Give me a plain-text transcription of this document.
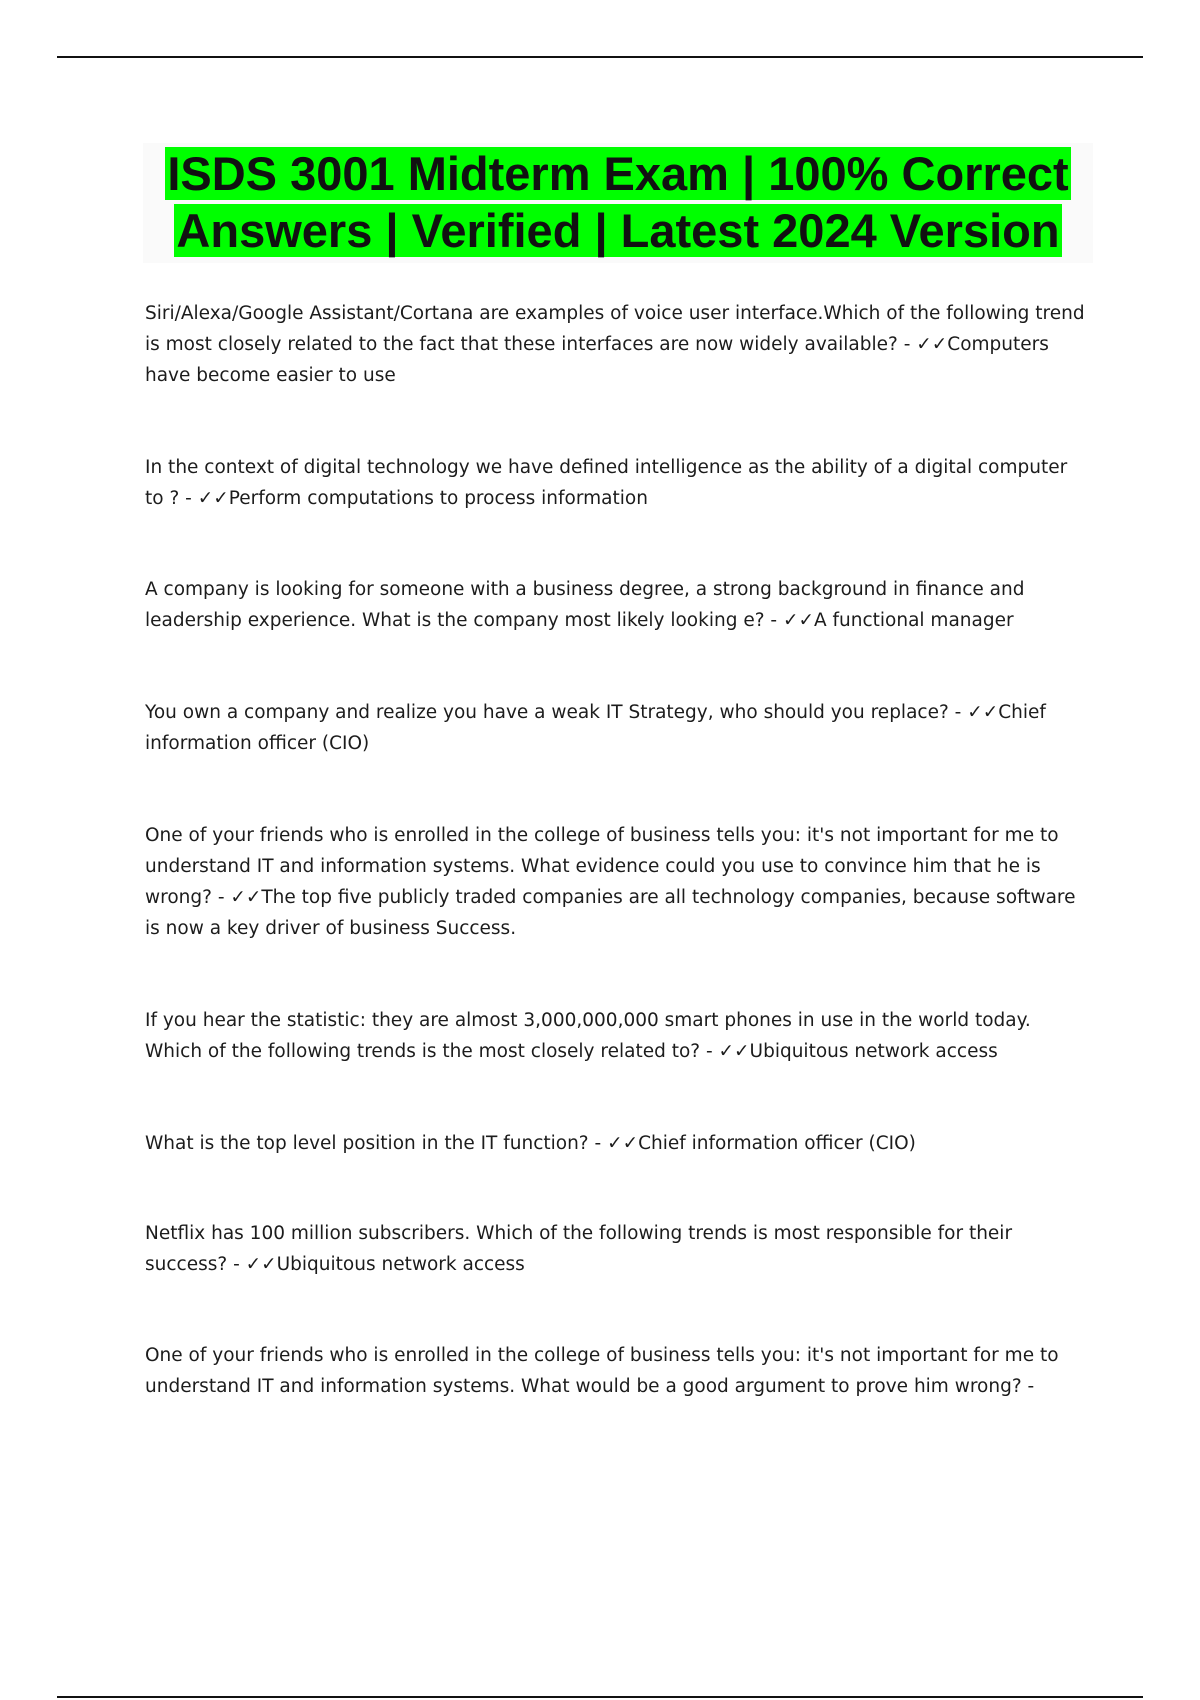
ISDS 3001 Midterm Exam | 100% Correct
Answers | Verified | Latest 2024 Version

Siri/Alexa/Google Assistant/Cortana are examples of voice user interface.Which of the following trend is most closely related to the fact that these interfaces are now widely available? - ✓✓Computers have become easier to use

In the context of digital technology we have defined intelligence as the ability of a digital computer to ? - ✓✓Perform computations to process information

A company is looking for someone with a business degree, a strong background in finance and leadership experience. What is the company most likely looking e? - ✓✓A functional manager

You own a company and realize you have a weak IT Strategy, who should you replace? - ✓✓Chief information officer (CIO)

One of your friends who is enrolled in the college of business tells you: it's not important for me to understand IT and information systems. What evidence could you use to convince him that he is wrong? - ✓✓The top five publicly traded companies are all technology companies, because software is now a key driver of business Success.

If you hear the statistic: they are almost 3,000,000,000 smart phones in use in the world today. Which of the following trends is the most closely related to? - ✓✓Ubiquitous network access

What is the top level position in the IT function? - ✓✓Chief information officer (CIO)

Netflix has 100 million subscribers. Which of the following trends is most responsible for their success? - ✓✓Ubiquitous network access

One of your friends who is enrolled in the college of business tells you: it's not important for me to understand IT and information systems. What would be a good argument to prove him wrong? -
